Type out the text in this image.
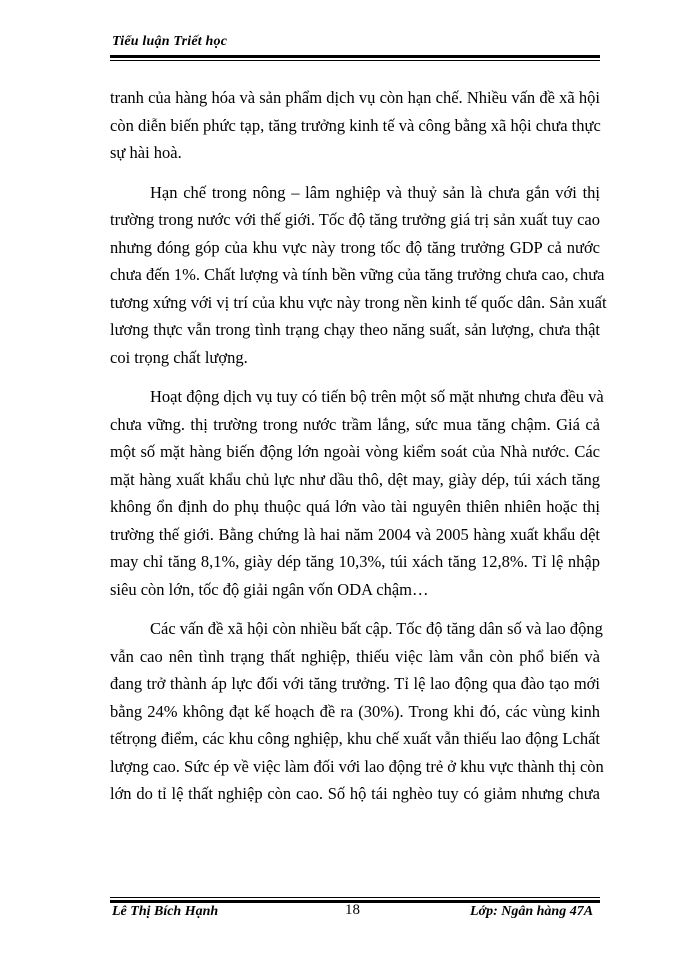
Tiểu luận Triết học

tranh của hàng hóa và sản phẩm dịch vụ còn hạn chế. Nhiều vấn đề xã hội
còn diễn biến phức tạp, tăng trưởng kinh tế và công bằng xã hội chưa thực
sự hài hoà.

Hạn chế trong nông – lâm nghiệp và thuỷ sản là chưa gắn với thị
trường trong nước với thế giới. Tốc độ tăng trưởng giá trị sản xuất tuy cao
nhưng đóng góp của khu vực này trong tốc độ tăng trưởng GDP cả nước
chưa đến 1%. Chất lượng và tính bền vững của tăng trưởng chưa cao, chưa
tương xứng với vị trí của khu vực này trong nền kinh tế quốc dân. Sản xuất
lương thực vẫn trong tình trạng chạy theo năng suất, sản lượng, chưa thật
coi trọng chất lượng.

Hoạt động dịch vụ tuy có tiến bộ trên một số mặt nhưng chưa đều và
chưa vững. thị trường trong nước trầm lắng, sức mua tăng chậm. Giá cả
một số mặt hàng biến động lớn ngoài vòng kiểm soát của Nhà nước. Các
mặt hàng xuất khẩu chủ lực như dầu thô, dệt may, giày dép, túi xách tăng
không ổn định do phụ thuộc quá lớn vào tài nguyên thiên nhiên hoặc thị
trường thế giới. Bằng chứng là hai năm 2004 và 2005 hàng xuất khẩu dệt
may chỉ tăng 8,1%, giày dép tăng 10,3%, túi xách tăng 12,8%. Tỉ lệ nhập
siêu còn lớn, tốc độ giải ngân vốn ODA chậm…

Các vấn đề xã hội còn nhiều bất cập. Tốc độ tăng dân số và lao động
vẫn cao nên tình trạng thất nghiệp, thiếu việc làm vẫn còn phổ biến và
đang trở thành áp lực đối với tăng trưởng. Tỉ lệ lao động qua đào tạo mới
bằng 24% không đạt kế hoạch đề ra (30%). Trong khi đó, các vùng kinh
tếtrọng điểm, các khu công nghiệp, khu chế xuất vẫn thiếu lao động Lchất
lượng cao. Sức ép về việc làm đối với lao động trẻ ở khu vực thành thị còn
lớn do tỉ lệ thất nghiệp còn cao. Số hộ tái nghèo tuy có giảm nhưng chưa

Lê Thị Bích Hạnh	18	Lớp: Ngân hàng 47A
